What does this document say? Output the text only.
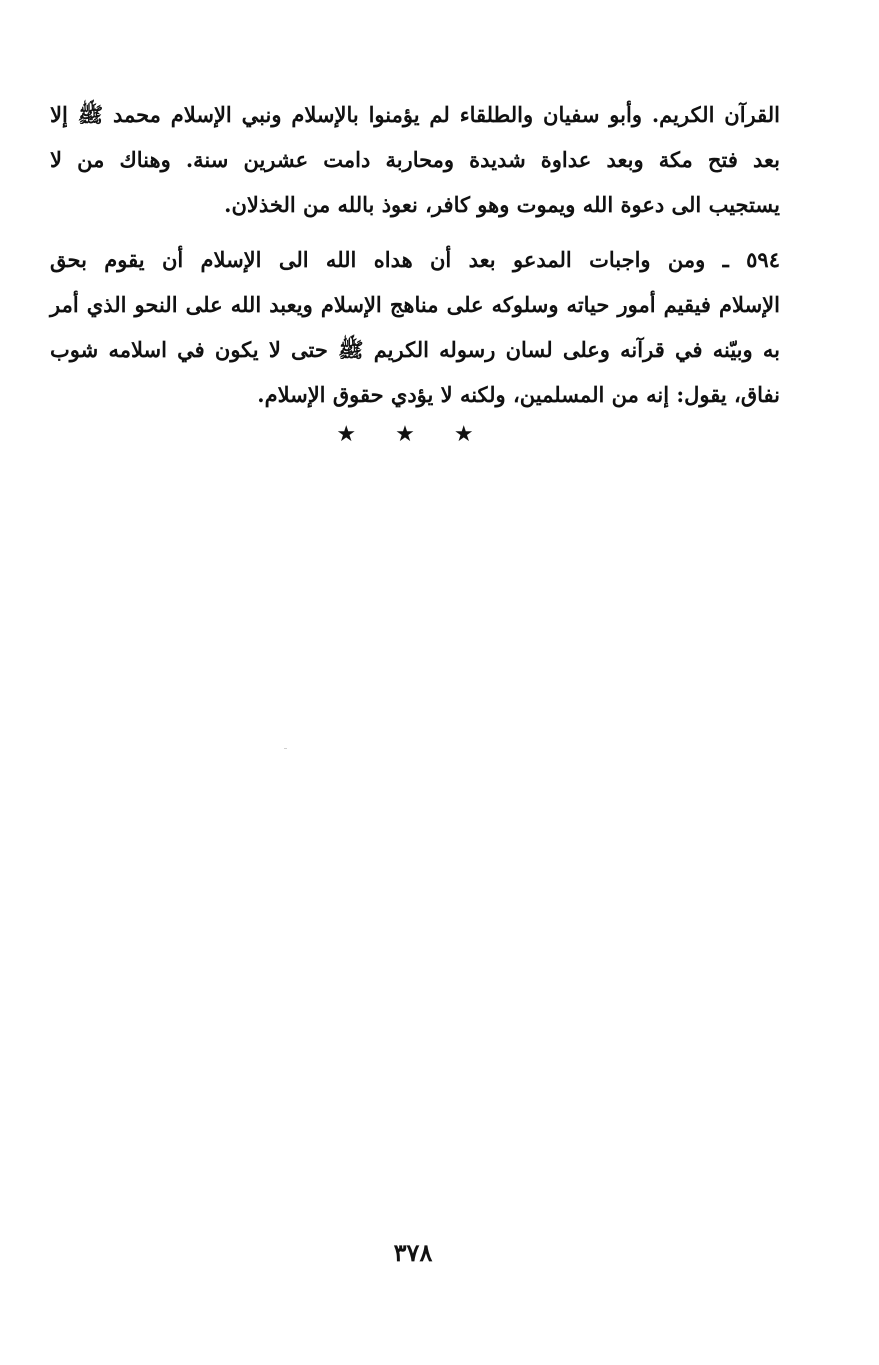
القرآن الكريم. وأبو سفيان والطلقاء لم يؤمنوا بالإسلام ونبي الإسلام محمد ﷺ إلا
بعد فتح مكة وبعد عداوة شديدة ومحاربة دامت عشرين سنة. وهناك من لا
يستجيب الى دعوة الله ويموت وهو كافر، نعوذ بالله من الخذلان.
٥٩٤ ـ ومن واجبات المدعو بعد أن هداه الله الى الإسلام أن يقوم بحق
الإسلام فيقيم أمور حياته وسلوكه على مناهج الإسلام ويعبد الله على النحو الذي أمر
به وبيّنه في قرآنه وعلى لسان رسوله الكريم ﷺ حتى لا يكون في اسلامه شوب
نفاق، يقول: إنه من المسلمين، ولكنه لا يؤدي حقوق الإسلام.
★ ★ ★
٣٧٨
